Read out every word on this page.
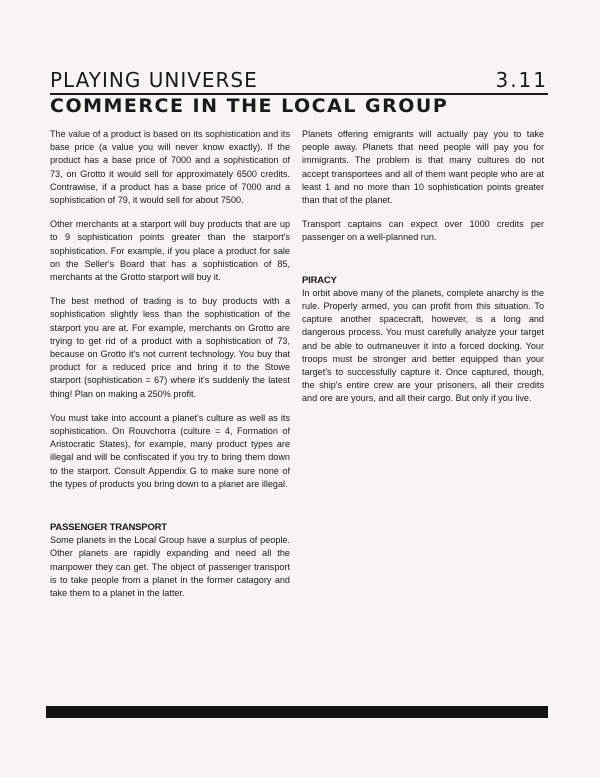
PLAYING UNIVERSE	3.11
COMMERCE IN THE LOCAL GROUP

The value of a product is based on its sophistication and its base price (a value you will never know exactly). If the product has a base price of 7000 and a sophistication of 73, on Grotto it would sell for approximately 6500 credits. Contrawise, if a product has a base price of 7000 and a sophistication of 79, it would sell for about 7500.

Other merchants at a starport will buy products that are up to 9 sophistication points greater than the starport's sophistication. For example, if you place a product for sale on the Seller's Board that has a sophistication of 85, merchants at the Grotto starport will buy it.

The best method of trading is to buy products with a sophistication slightly less than the sophistication of the starport you are at. For example, merchants on Grotto are trying to get rid of a product with a sophistication of 73, because on Grotto it's not current technology. You buy that product for a reduced price and bring it to the Stowe starport (sophistication = 67) where it's suddenly the latest thing! Plan on making a 250% profit.

You must take into account a planet's culture as well as its sophistication. On Rouvchorra (culture = 4, Formation of Aristocratic States), for example, many product types are illegal and will be confiscated if you try to bring them down to the starport. Consult Appendix G to make sure none of the types of products you bring down to a planet are illegal.

PASSENGER TRANSPORT

Some planets in the Local Group have a surplus of people. Other planets are rapidly expanding and need all the manpower they can get. The object of passenger transport is to take people from a planet in the former catagory and take them to a planet in the latter.

Planets offering emigrants will actually pay you to take people away. Planets that need people will pay you for immigrants. The problem is that many cultures do not accept transportees and all of them want people who are at least 1 and no more than 10 sophistication points greater than that of the planet.

Transport captains can expect over 1000 credits per passenger on a well-planned run.

PIRACY

In orbit above many of the planets, complete anarchy is the rule. Properly armed, you can profit from this situation. To capture another spacecraft, however, is a long and dangerous process. You must carefully analyze your target and be able to outmaneuver it into a forced docking. Your troops must be stronger and better equipped than your target's to successfully capture it. Once captured, though, the ship's entire crew are your prisoners, all their credits and ore are yours, and all their cargo. But only if you live.
